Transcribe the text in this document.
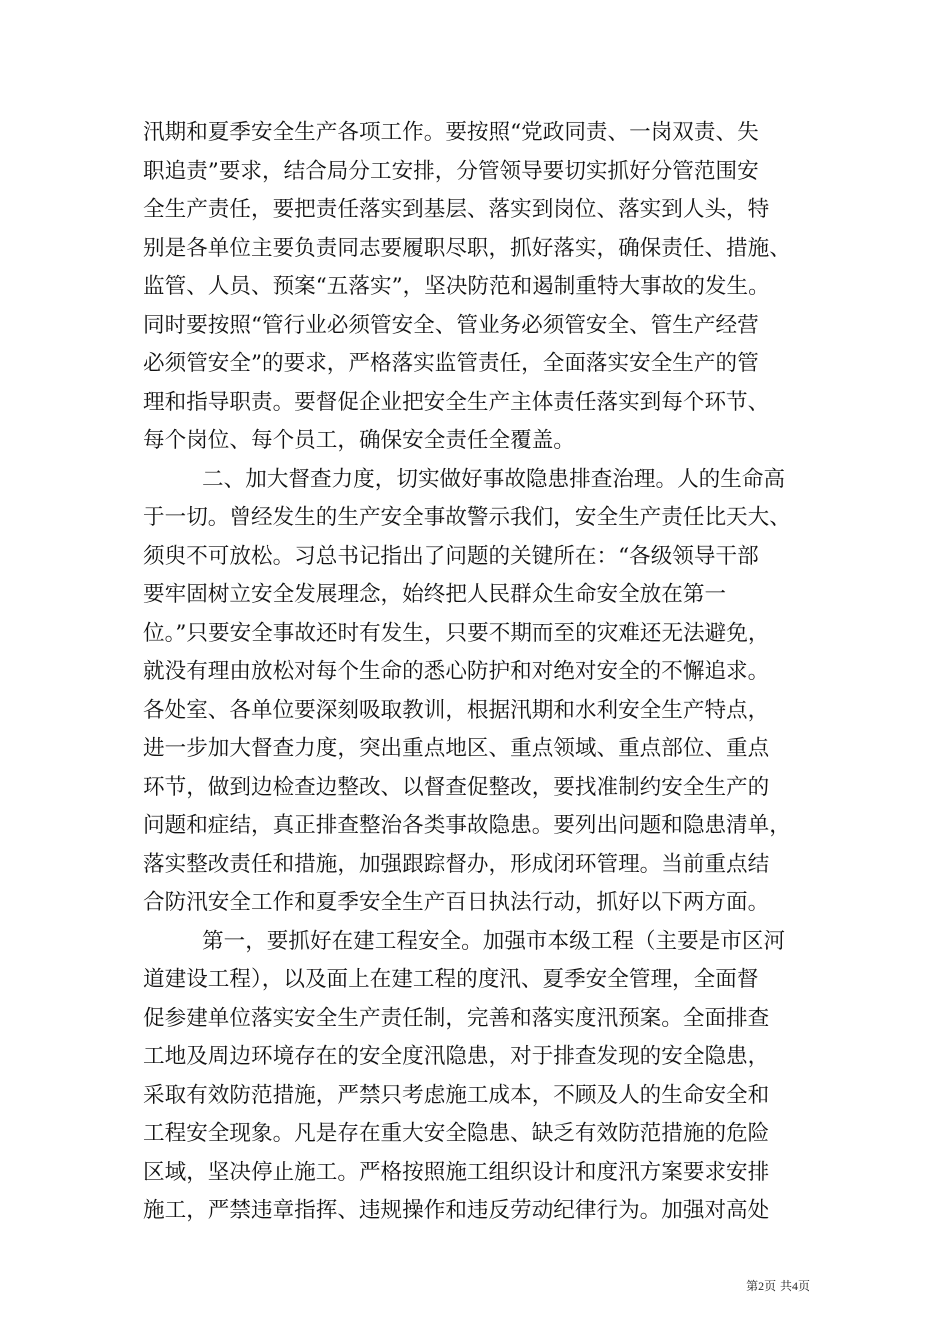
汛期和夏季安全生产各项工作。要按照“党政同责、一岗双责、失
职追责”要求，结合局分工安排，分管领导要切实抓好分管范围安
全生产责任，要把责任落实到基层、落实到岗位、落实到人头，特
别是各单位主要负责同志要履职尽职，抓好落实，确保责任、措施、
监管、人员、预案“五落实”，坚决防范和遏制重特大事故的发生。
同时要按照“管行业必须管安全、管业务必须管安全、管生产经营
必须管安全”的要求，严格落实监管责任，全面落实安全生产的管
理和指导职责。要督促企业把安全生产主体责任落实到每个环节、
每个岗位、每个员工，确保安全责任全覆盖。
二、加大督查力度，切实做好事故隐患排查治理。人的生命高
于一切。曾经发生的生产安全事故警示我们，安全生产责任比天大、
须臾不可放松。习总书记指出了问题的关键所在：“各级领导干部
要牢固树立安全发展理念，始终把人民群众生命安全放在第一
位。”只要安全事故还时有发生，只要不期而至的灾难还无法避免，
就没有理由放松对每个生命的悉心防护和对绝对安全的不懈追求。
各处室、各单位要深刻吸取教训，根据汛期和水利安全生产特点，
进一步加大督查力度，突出重点地区、重点领域、重点部位、重点
环节，做到边检查边整改、以督查促整改，要找准制约安全生产的
问题和症结，真正排查整治各类事故隐患。要列出问题和隐患清单，
落实整改责任和措施，加强跟踪督办，形成闭环管理。当前重点结
合防汛安全工作和夏季安全生产百日执法行动，抓好以下两方面。
第一，要抓好在建工程安全。加强市本级工程（主要是市区河
道建设工程），以及面上在建工程的度汛、夏季安全管理，全面督
促参建单位落实安全生产责任制，完善和落实度汛预案。全面排查
工地及周边环境存在的安全度汛隐患，对于排查发现的安全隐患，
采取有效防范措施，严禁只考虑施工成本，不顾及人的生命安全和
工程安全现象。凡是存在重大安全隐患、缺乏有效防范措施的危险
区域，坚决停止施工。严格按照施工组织设计和度汛方案要求安排
施工，严禁违章指挥、违规操作和违反劳动纪律行为。加强对高处
第2页 共4页
